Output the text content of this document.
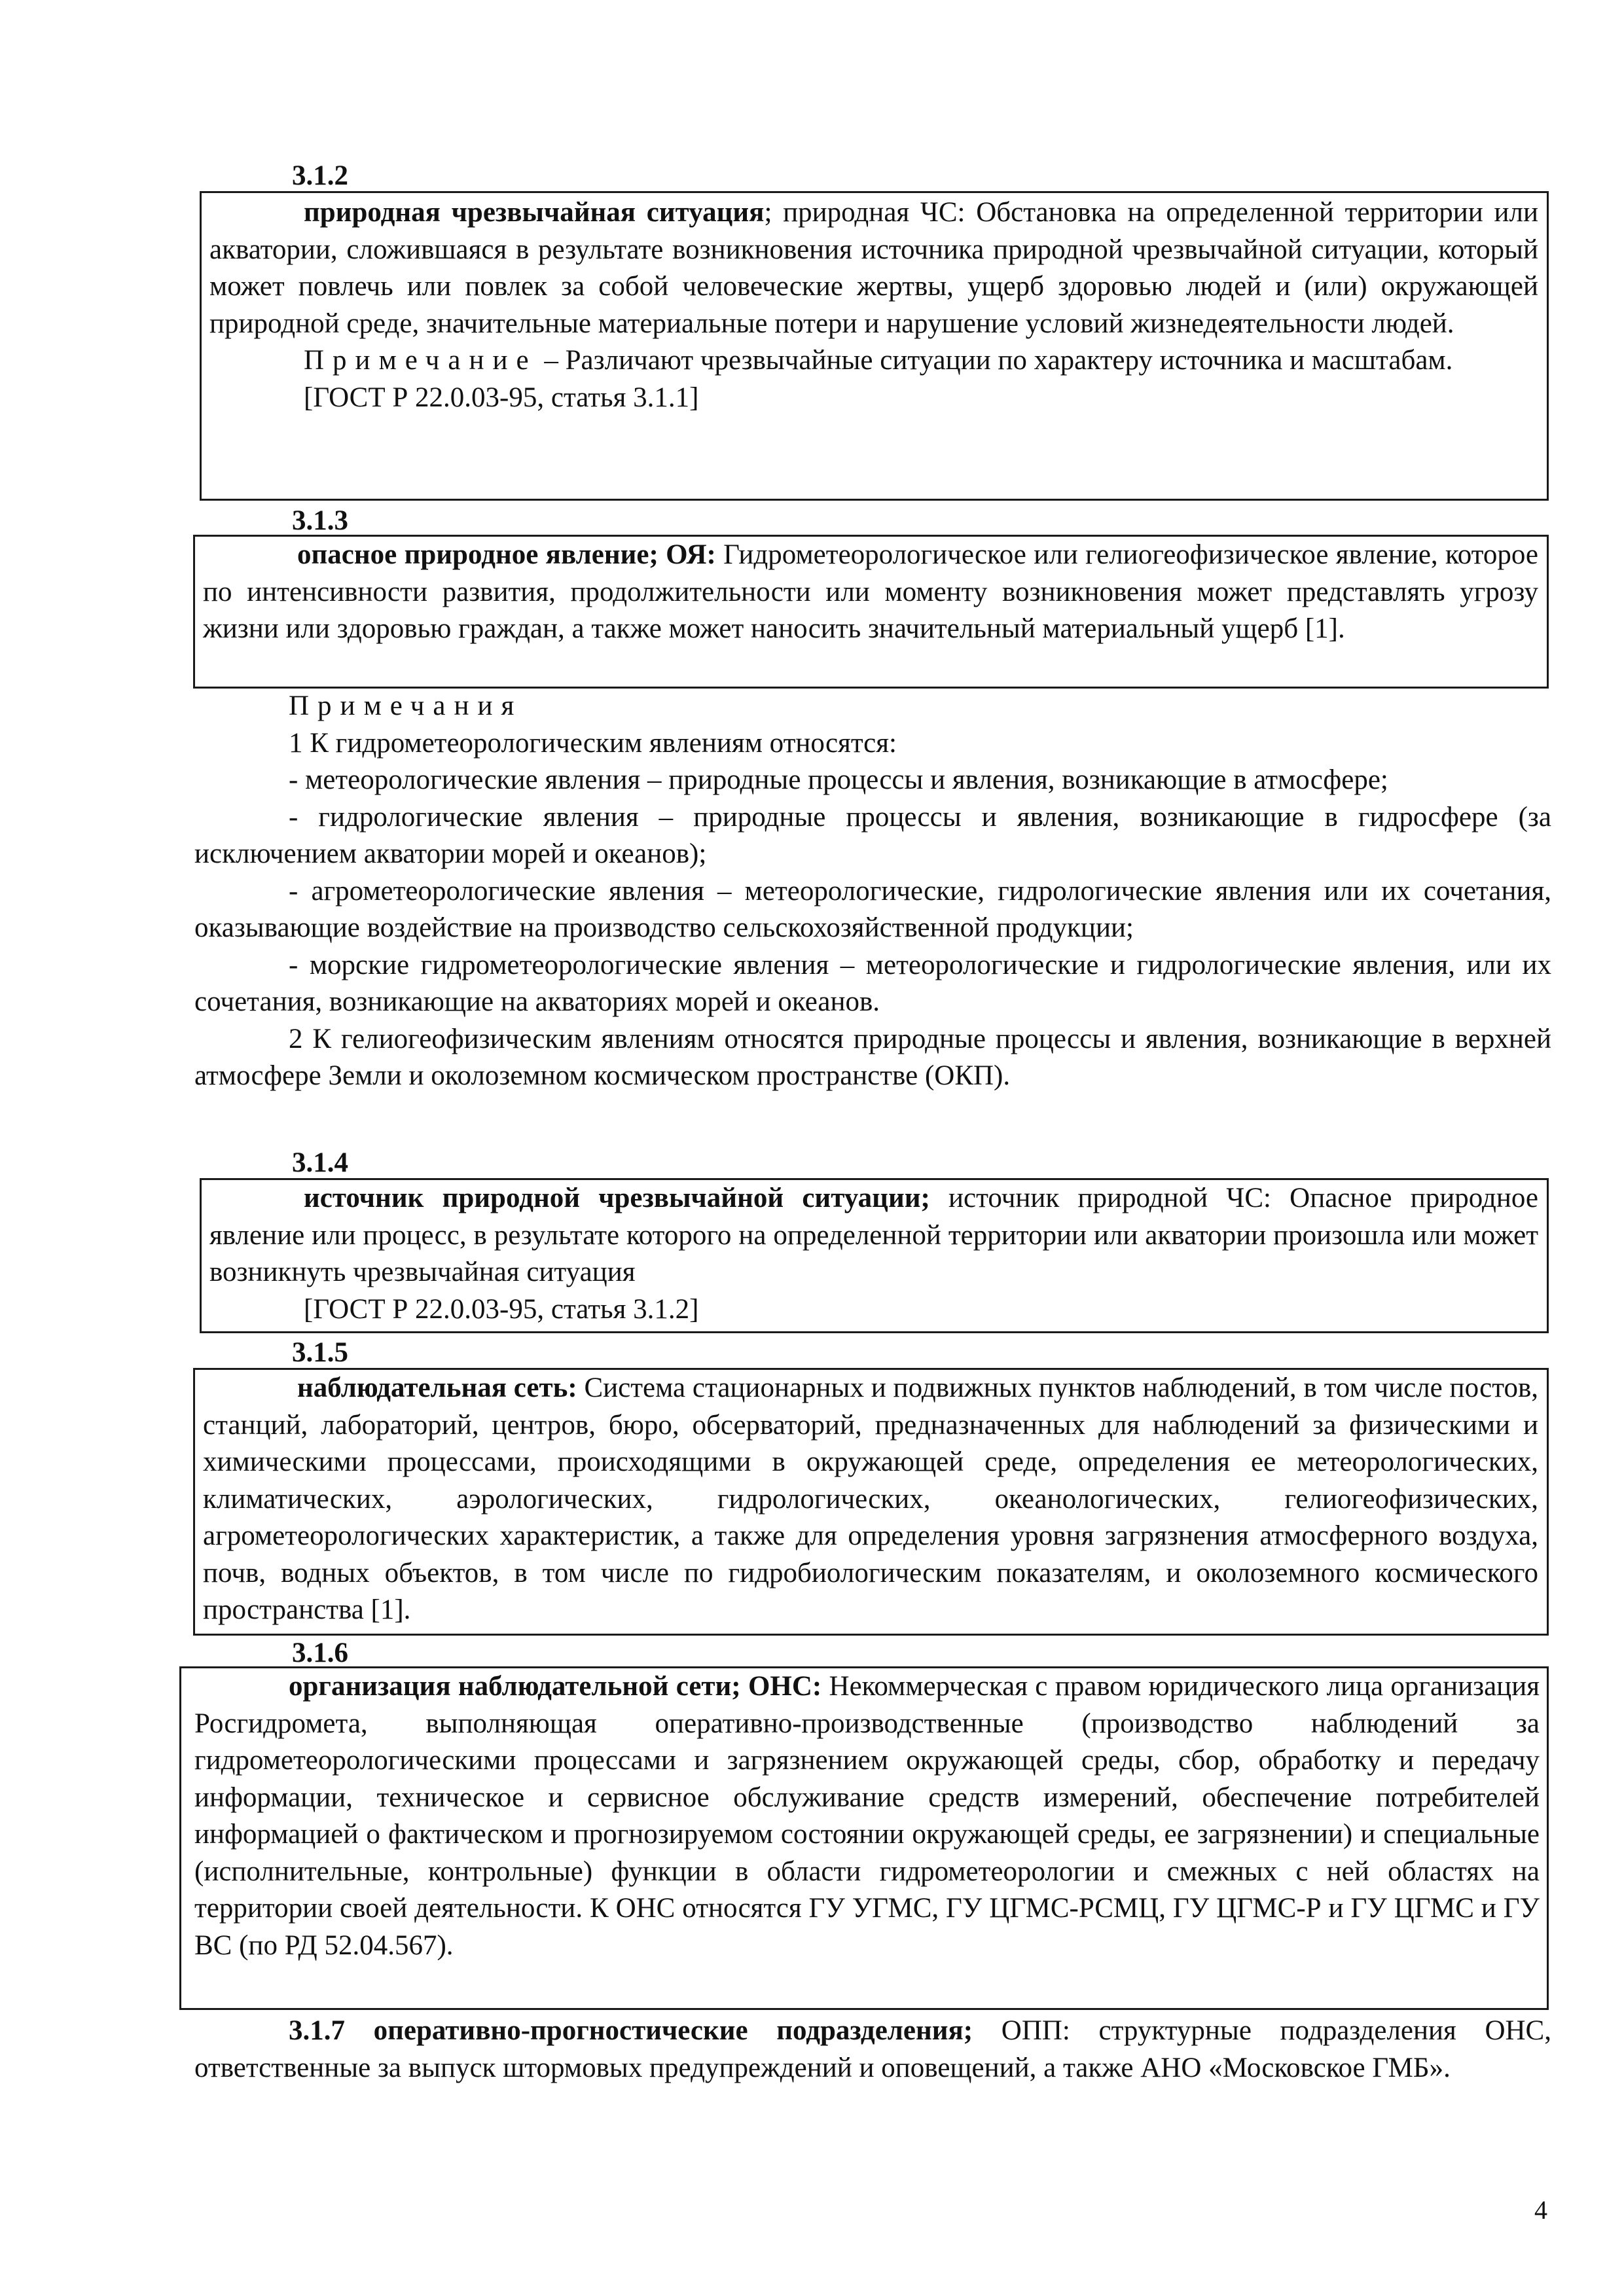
3.1.2

природная чрезвычайная ситуация; природная ЧС: Обстановка на определенной территории или акватории, сложившаяся в результате возникновения источника природной чрезвычайной ситуации, который может повлечь или повлек за собой человеческие жертвы, ущерб здоровью людей и (или) окружающей природной среде, значительные материальные потери и нарушение условий жизнедеятельности людей.

Примечание – Различают чрезвычайные ситуации по характеру источника и масштабам.

[ГОСТ Р 22.0.03-95, статья 3.1.1]

3.1.3

опасное природное явление; ОЯ: Гидрометеорологическое или гелиогеофизическое явление, которое по интенсивности развития, продолжительности или моменту возникновения может представлять угрозу жизни или здоровью граждан, а также может наносить значительный материальный ущерб [1].

Примечания

1 К гидрометеорологическим явлениям относятся:

- метеорологические явления – природные процессы и явления, возникающие в атмосфере;

- гидрологические явления – природные процессы и явления, возникающие в гидросфере (за исключением акватории морей и океанов);

- агрометеорологические явления – метеорологические, гидрологические явления или их сочетания, оказывающие воздействие на производство сельскохозяйственной продукции;

- морские гидрометеорологические явления – метеорологические и гидрологические явления, или их сочетания, возникающие на акваториях морей и океанов.

2 К гелиогеофизическим явлениям относятся природные процессы и явления, возникающие в верхней атмосфере Земли и околоземном космическом пространстве (ОКП).

3.1.4

источник природной чрезвычайной ситуации; источник природной ЧС: Опасное природное явление или процесс, в результате которого на определенной территории или акватории произошла или может возникнуть чрезвычайная ситуация

[ГОСТ Р 22.0.03-95, статья 3.1.2]

3.1.5

наблюдательная сеть: Система стационарных и подвижных пунктов наблюдений, в том числе постов, станций, лабораторий, центров, бюро, обсерваторий, предназначенных для наблюдений за физическими и химическими процессами, происходящими в окружающей среде, определения ее метеорологических, климатических, аэрологических, гидрологических, океанологических, гелиогеофизических, агрометеорологических характеристик, а также для определения уровня загрязнения атмосферного воздуха, почв, водных объектов, в том числе по гидробиологическим показателям, и околоземного космического пространства [1].

3.1.6

организация наблюдательной сети; ОНС: Некоммерческая с правом юридического лица организация Росгидромета, выполняющая оперативно-производственные (производство наблюдений за гидрометеорологическими процессами и загрязнением окружающей среды, сбор, обработку и передачу информации, техническое и сервисное обслуживание средств измерений, обеспечение потребителей информацией о фактическом и прогнозируемом состоянии окружающей среды, ее загрязнении) и специальные (исполнительные, контрольные) функции в области гидрометеорологии и смежных с ней областях на территории своей деятельности. К ОНС относятся ГУ УГМС, ГУ ЦГМС-РСМЦ, ГУ ЦГМС-Р и ГУ ЦГМС и ГУ ВС (по РД 52.04.567).

3.1.7 оперативно-прогностические подразделения; ОПП: структурные подразделения ОНС, ответственные за выпуск штормовых предупреждений и оповещений, а также АНО «Московское ГМБ».

4
